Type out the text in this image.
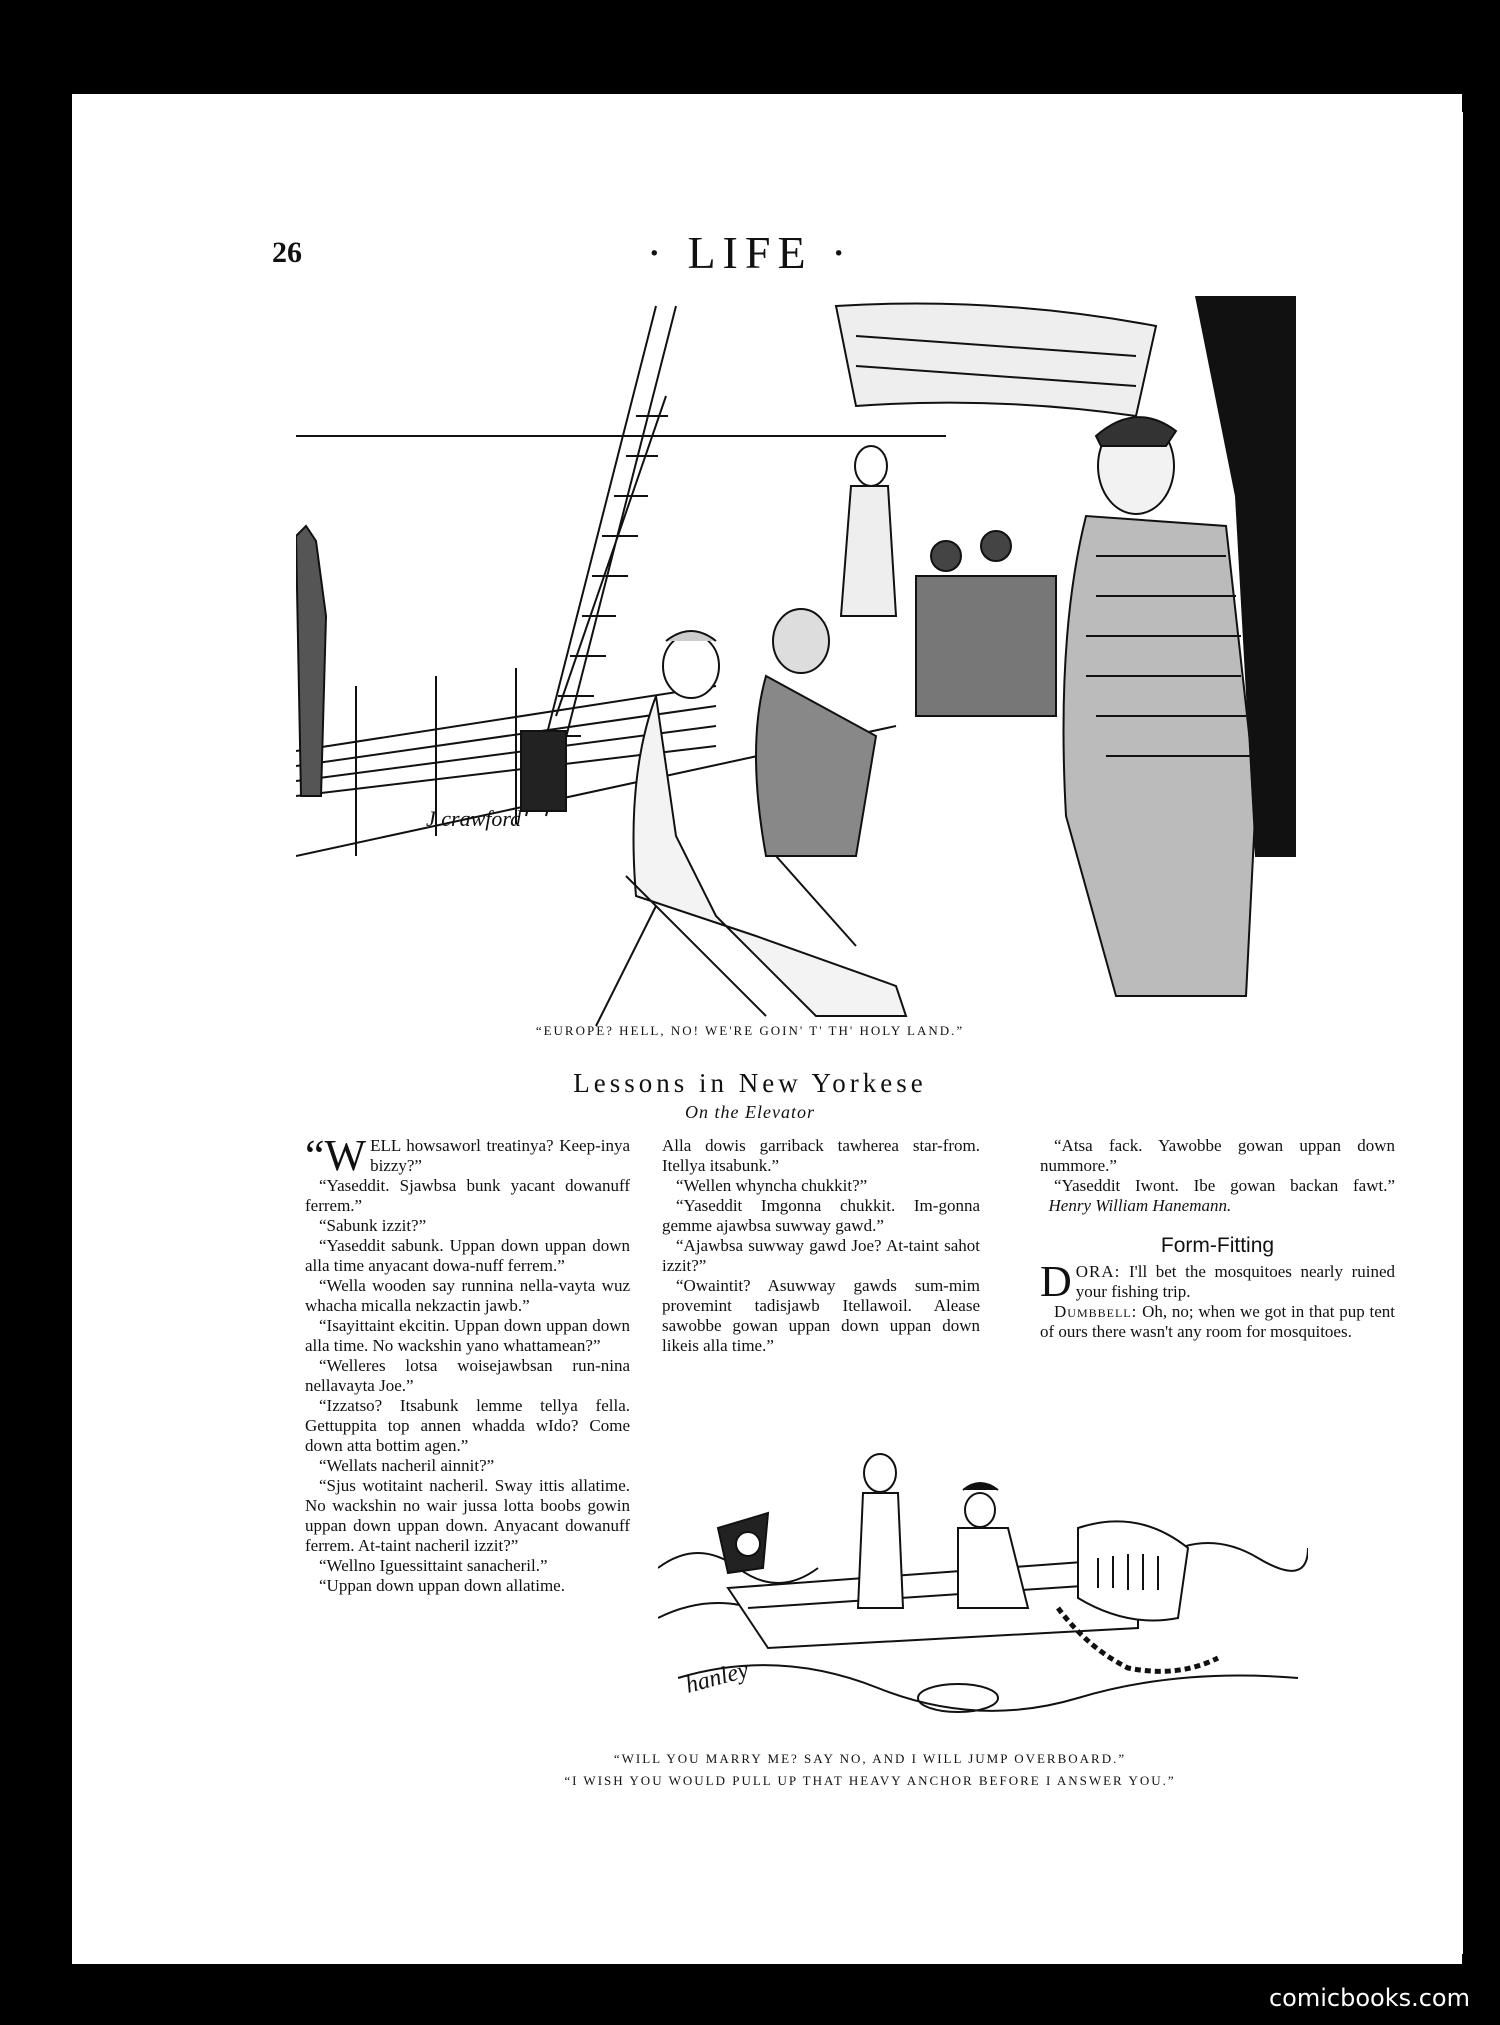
26	· LIFE ·
J crawford
“EUROPE? HELL, NO! WE'RE GOIN' T' TH' HOLY LAND.”
Lessons in New Yorkese
On the Elevator

“W ELL howsaworl treatinya? Keep-inya bizzy?”

“Yaseddit. Sjawbsa bunk yacant dowanuff ferrem.”

“Sabunk izzit?”

“Yaseddit sabunk. Uppan down uppan down alla time anyacant dowa-nuff ferrem.”

“Wella wooden say runnina nella-vayta wuz whacha micalla nekzactin jawb.”

“Isayittaint ekcitin. Uppan down uppan down alla time. No wackshin yano whattamean?”

“Welleres lotsa woisejawbsan run-nina nellavayta Joe.”

“Izzatso? Itsabunk lemme tellya fella. Gettuppita top annen whadda wIdo? Come down atta bottim agen.”

“Wellats nacheril ainnit?”

“Sjus wotitaint nacheril. Sway ittis allatime. No wackshin no wair jussa lotta boobs gowin uppan down uppan down. Anyacant dowanuff ferrem. At-taint nacheril izzit?”

“Wellno Iguessittaint sanacheril.”

“Uppan down uppan down allatime.

Alla dowis garriback tawherea star-from. Itellya itsabunk.”

“Wellen whyncha chukkit?”

“Yaseddit Imgonna chukkit. Im-gonna gemme ajawbsa suwway gawd.”

“Ajawbsa suwway gawd Joe? At-taint sahot izzit?”

“Owaintit? Asuwway gawds sum-mim provemint tadisjawb Itellawoil. Alease sawobbe gowan uppan down uppan down likeis alla time.”

“Atsa fack. Yawobbe gowan uppan down nummore.”

“Yaseddit Iwont. Ibe gowan backan fawt.”   Henry William Hanemann.

Form-Fitting

DORA: I'll bet the mosquitoes nearly ruined your fishing trip.

Dumbbell: Oh, no; when we got in that pup tent of ours there wasn't any room for mosquitoes.

hanley
“WILL YOU MARRY ME? SAY NO, AND I WILL JUMP OVERBOARD.”
“I WISH YOU WOULD PULL UP THAT HEAVY ANCHOR BEFORE I ANSWER YOU.”
comicbooks.com
